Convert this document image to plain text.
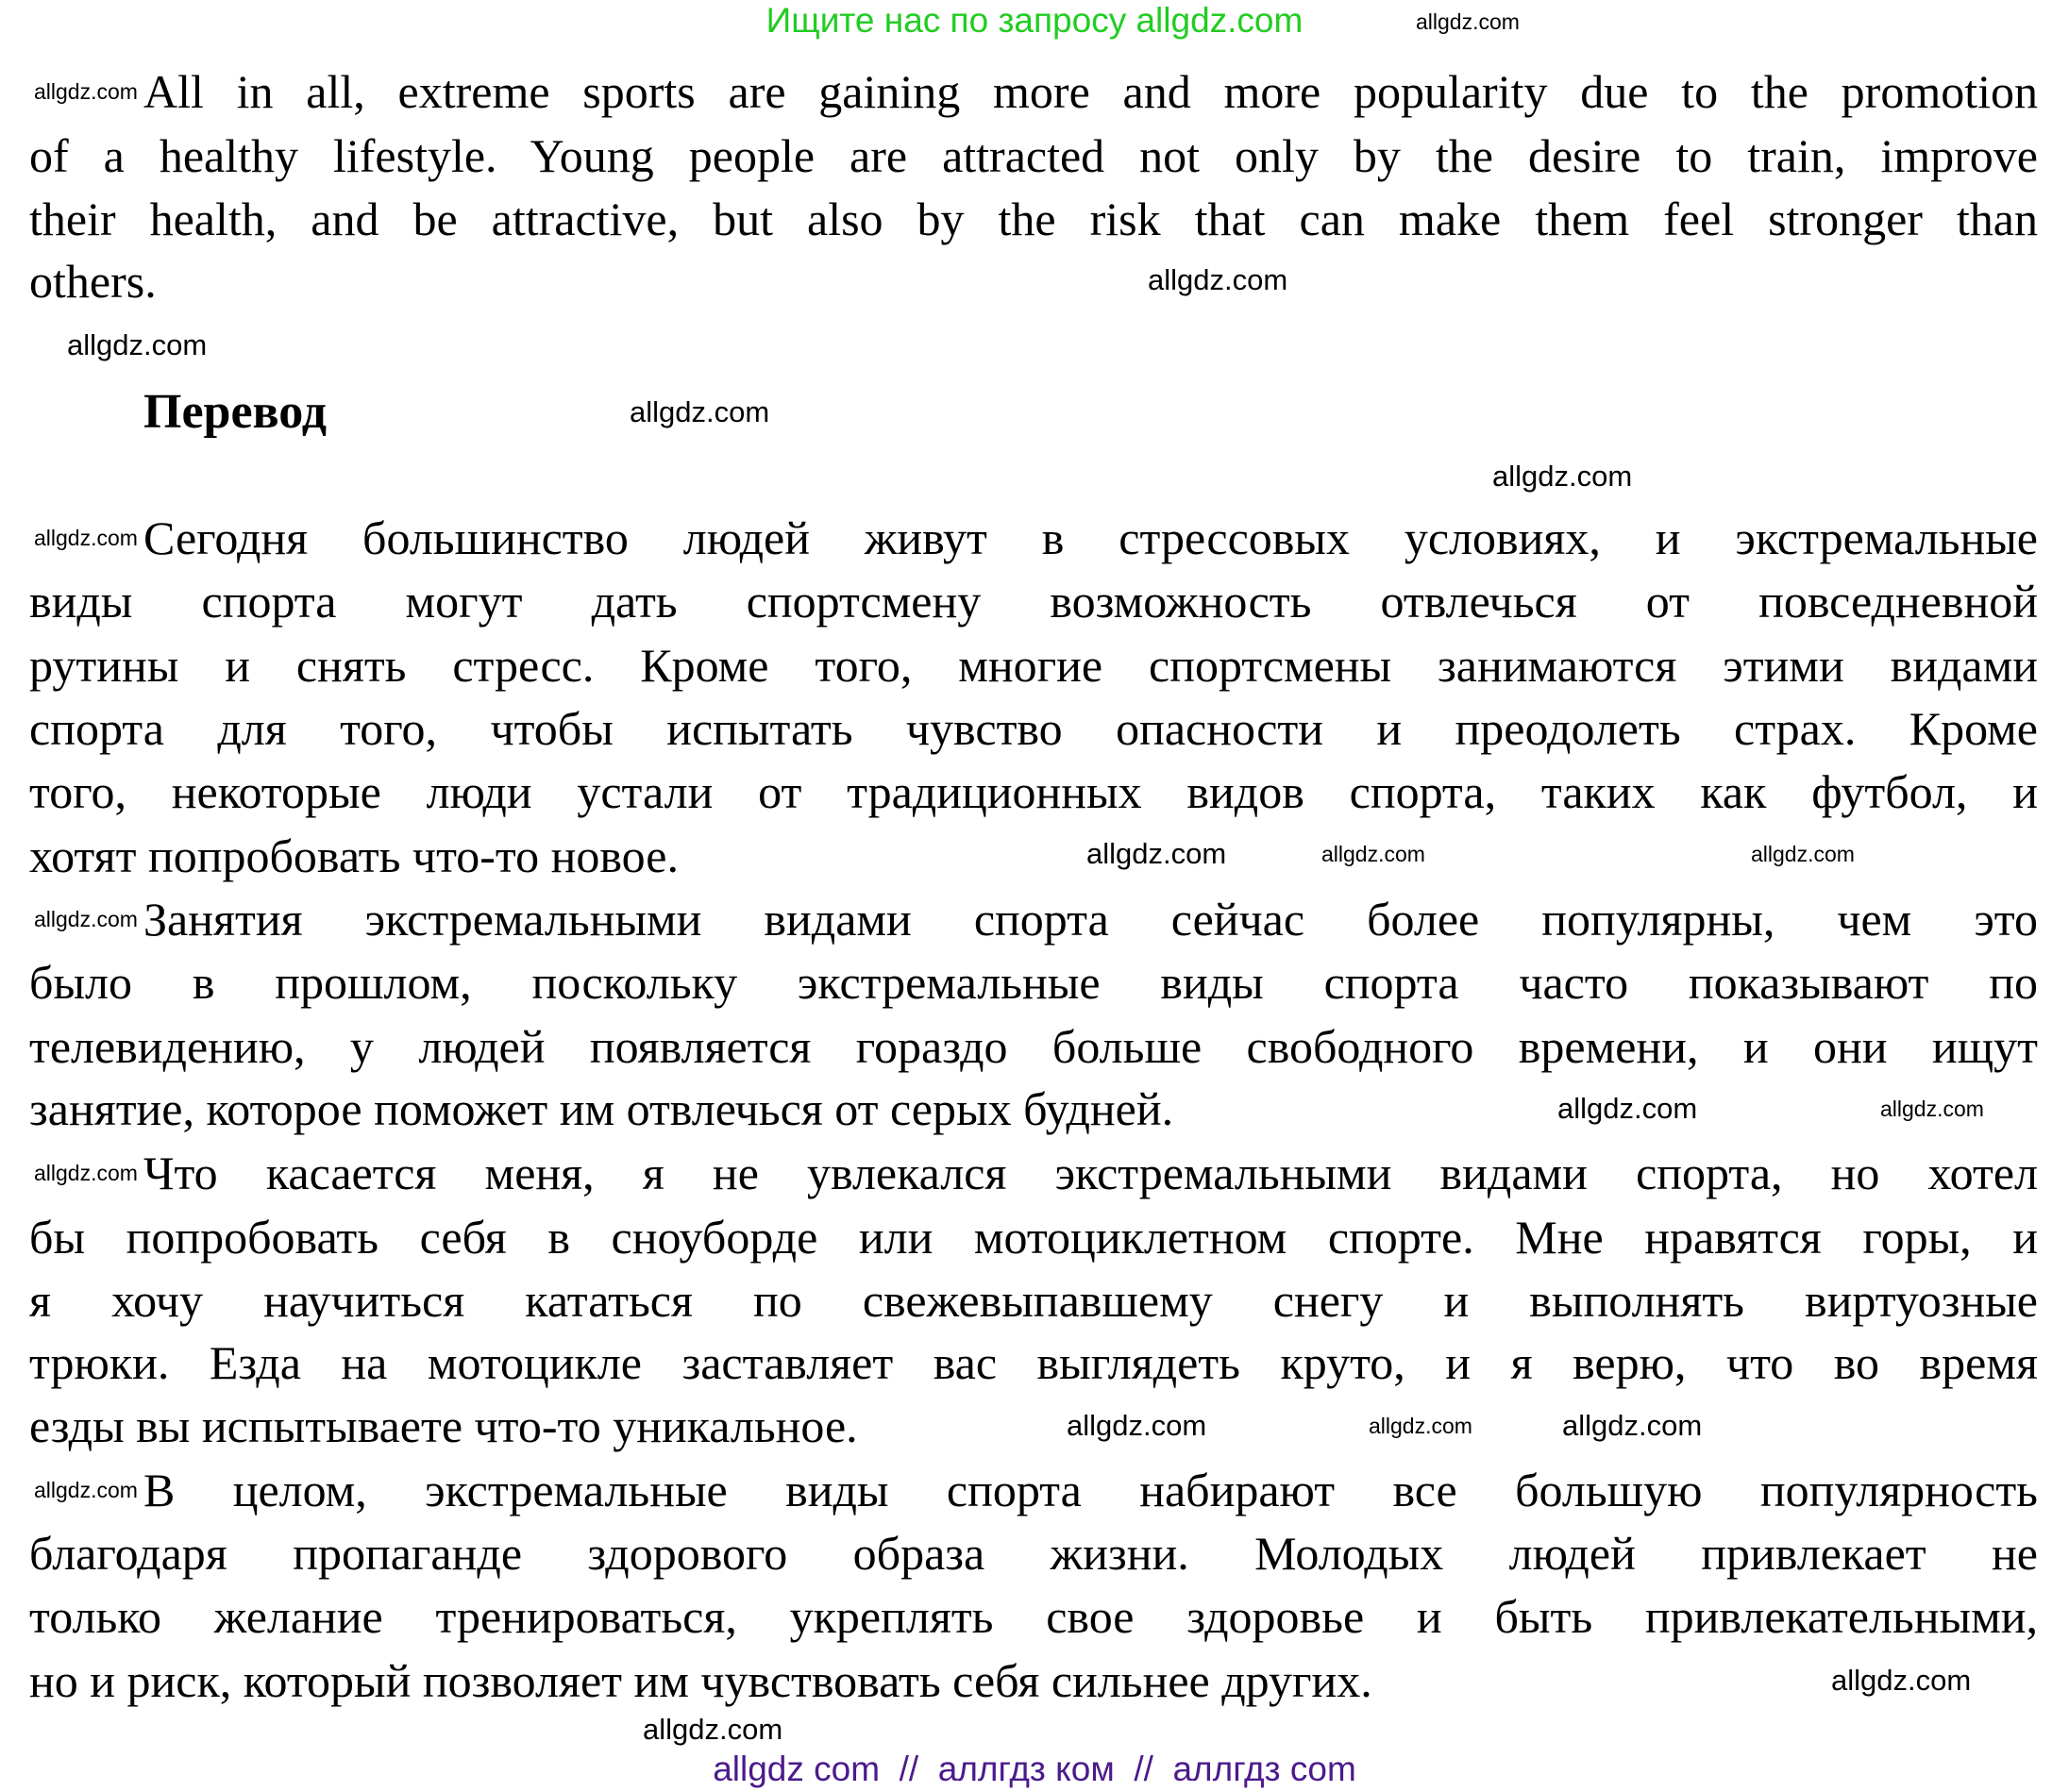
Ищите нас по запросу allgdz.com
All in all, extreme sports are gaining more and more popularity due to the promotion
of a healthy lifestyle. Young people are attracted not only by the desire to train, improve
their health, and be attractive, but also by the risk that can make them feel stronger than
others.
Перевод
Сегодня большинство людей живут в стрессовых условиях, и экстремальные
виды спорта могут дать спортсмену возможность отвлечься от повседневной
рутины и снять стресс. Кроме того, многие спортсмены занимаются этими видами
спорта для того, чтобы испытать чувство опасности и преодолеть страх. Кроме
того, некоторые люди устали от традиционных видов спорта, таких как футбол, и
хотят попробовать что-то новое.
Занятия экстремальными видами спорта сейчас более популярны, чем это
было в прошлом, поскольку экстремальные виды спорта часто показывают по
телевидению, у людей появляется гораздо больше свободного времени, и они ищут
занятие, которое поможет им отвлечься от серых будней.
Что касается меня, я не увлекался экстремальными видами спорта, но хотел
бы попробовать себя в сноуборде или мотоциклетном спорте. Мне нравятся горы, и
я хочу научиться кататься по свежевыпавшему снегу и выполнять виртуозные
трюки. Езда на мотоцикле заставляет вас выглядеть круто, и я верю, что во время
езды вы испытываете что-то уникальное.
В целом, экстремальные виды спорта набирают все большую популярность
благодаря пропаганде здорового образа жизни. Молодых людей привлекает не
только желание тренироваться, укреплять свое здоровье и быть привлекательными,
но и риск, который позволяет им чувствовать себя сильнее других.
allgdz.com
allgdz.com
allgdz.com
allgdz.com
allgdz.com
allgdz.com
allgdz.com
allgdz.com
allgdz.com
allgdz.com
allgdz.com
allgdz.com
allgdz.com
allgdz.com
allgdz.com
allgdz.com	allgdz.com
allgdz.com
allgdz.com
allgdz.com
allgdz com  //  аллгдз ком  //  аллгдз com
